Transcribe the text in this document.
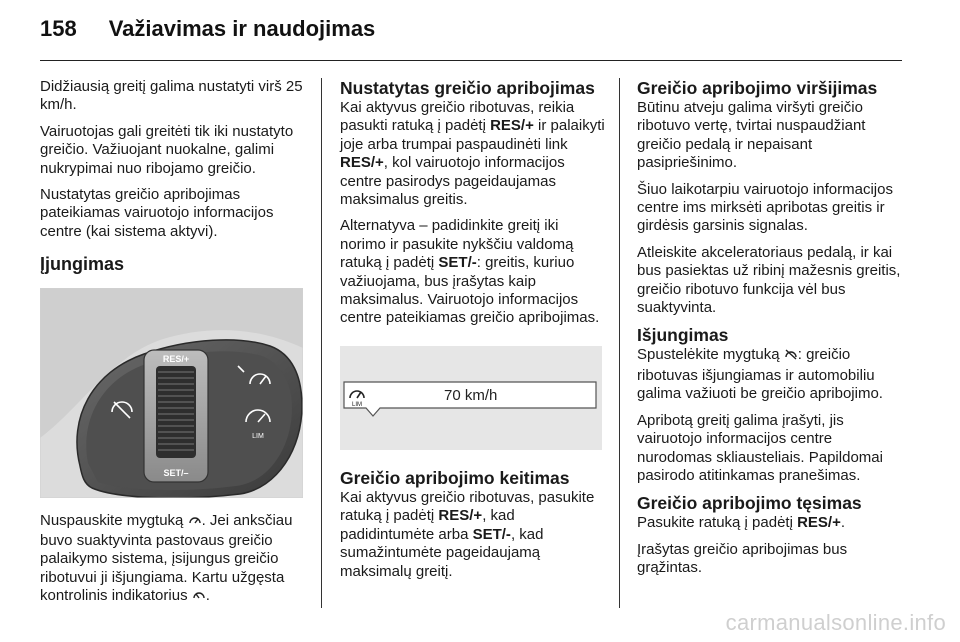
158 Važiavimas ir naudojimas

Didžiausią greitį galima nustatyti virš 25 km/h.

Vairuotojas gali greitėti tik iki nustatyto greičio. Važiuojant nuokalne, galimi nukrypimai nuo ribojamo greičio.

Nustatytas greičio apribojimas pateikiamas vairuotojo informacijos centre (kai sistema aktyvi).

Įjungimas
RES/+
SET/–
LIM

Nuspauskite mygtuką . Jei anksčiau buvo suaktyvinta pastovaus greičio palaikymo sistema, įsijungus greičio ribotuvui ji išjungiama. Kartu užgęsta kontrolinis indikatorius .

Nustatytas greičio apribojimas

Kai aktyvus greičio ribotuvas, reikia pasukti ratuką į padėtį RES/+ ir palaikyti joje arba trumpai paspaudinėti link RES/+, kol vairuotojo informacijos centre pasirodys pageidaujamas maksimalus greitis.

Alternatyva – padidinkite greitį iki norimo ir pasukite nykščiu valdomą ratuką į padėtį SET/-: greitis, kuriuo važiuojama, bus įrašytas kaip maksimalus. Vairuotojo informacijos centre pateikiamas greičio apribojimas.

LIM
70 km/h
Greičio apribojimo keitimas

Kai aktyvus greičio ribotuvas, pasukite ratuką į padėtį RES/+, kad padidintumėte arba SET/-, kad sumažintumėte pageidaujamą maksimalų greitį.

Greičio apribojimo viršijimas

Būtinu atveju galima viršyti greičio ribotuvo vertę, tvirtai nuspaudžiant greičio pedalą ir nepaisant pasipriešinimo.

Šiuo laikotarpiu vairuotojo informacijos centre ims mirksėti apribotas greitis ir girdėsis garsinis signalas.

Atleiskite akceleratoriaus pedalą, ir kai bus pasiektas už ribinį mažesnis greitis, greičio ribotuvo funkcija vėl bus suaktyvinta.

Išjungimas

Spustelėkite mygtuką : greičio ribotuvas išjungiamas ir automobiliu galima važiuoti be greičio apribojimo.

Apribotą greitį galima įrašyti, jis vairuotojo informacijos centre nurodomas skliausteliais. Papildomai pasirodo atitinkamas pranešimas.

Greičio apribojimo tęsimas

Pasukite ratuką į padėtį RES/+.

Įrašytas greičio apribojimas bus grąžintas.

carmanualsonline.info
